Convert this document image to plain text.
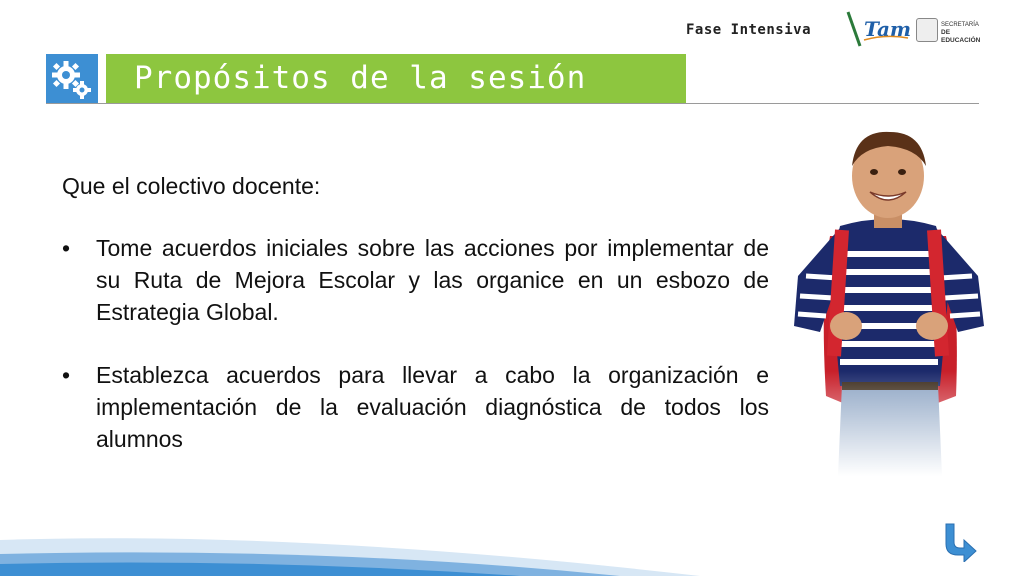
Fase Intensiva	Tam	SECRETARÍA
DE EDUCACIÓN
Propósitos de la sesión
Que el colectivo docente:
• Tome acuerdos iniciales sobre las acciones por implementar de su Ruta de Mejora Escolar y las organice en un esbozo de Estrategia Global.
• Establezca acuerdos para llevar a cabo la organización e implementación de la evaluación diagnóstica de todos los alumnos
